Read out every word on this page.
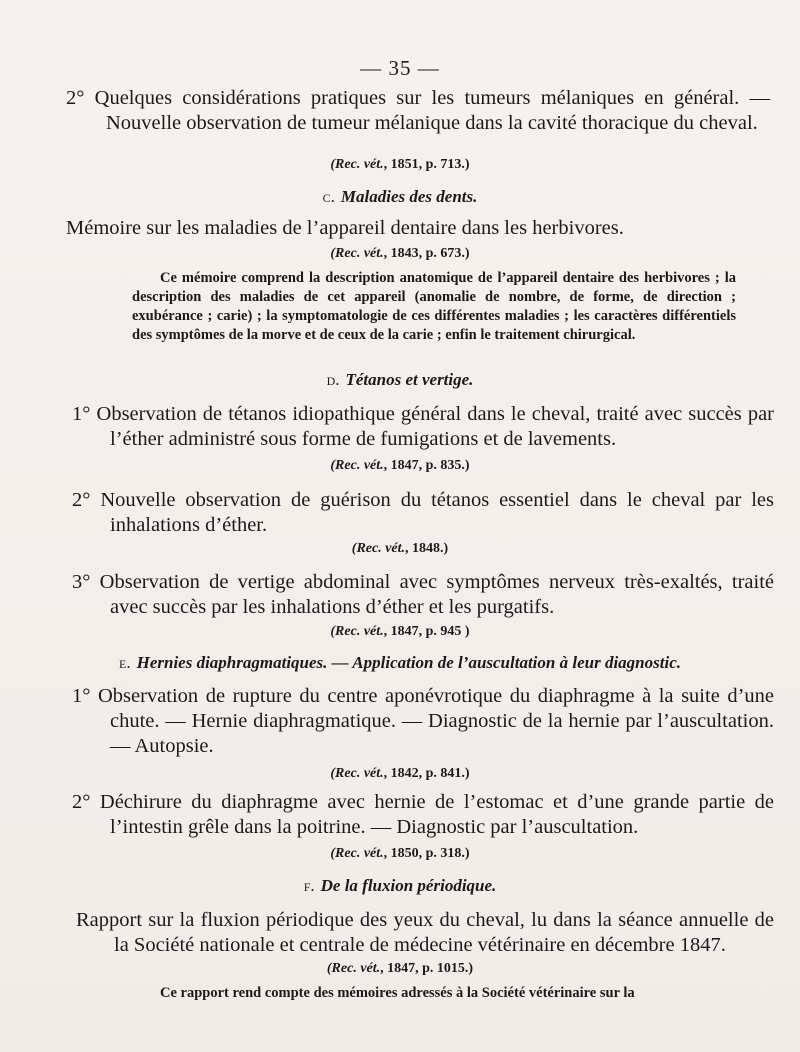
— 35 —
2° Quelques considérations pratiques sur les tumeurs mélaniques en général. — Nouvelle observation de tumeur mélanique dans la cavité thoracique du cheval.
(Rec. vét., 1851, p. 713.)
c. Maladies des dents.
Mémoire sur les maladies de l’appareil dentaire dans les herbivores.
(Rec. vét., 1843, p. 673.)
Ce mémoire comprend la description anatomique de l’appareil dentaire des herbivores ; la description des maladies de cet appareil (anomalie de nombre, de forme, de direction ; exubérance ; carie) ; la symptomatologie de ces différentes maladies ; les caractères différentiels des symptômes de la morve et de ceux de la carie ; enfin le traitement chirurgical.
d. Tétanos et vertige.
1° Observation de tétanos idiopathique général dans le cheval, traité avec succès par l’éther administré sous forme de fumigations et de lavements.
(Rec. vét., 1847, p. 835.)
2° Nouvelle observation de guérison du tétanos essentiel dans le cheval par les inhalations d’éther.
(Rec. vét., 1848.)
3° Observation de vertige abdominal avec symptômes nerveux très-exaltés, traité avec succès par les inhalations d’éther et les purgatifs.
(Rec. vét., 1847, p. 945 )
e. Hernies diaphragmatiques. — Application de l’auscultation à leur diagnostic.
1° Observation de rupture du centre aponévrotique du diaphragme à la suite d’une chute. — Hernie diaphragmatique. — Diagnostic de la hernie par l’auscultation. — Autopsie.
(Rec. vét., 1842, p. 841.)
2° Déchirure du diaphragme avec hernie de l’estomac et d’une grande partie de l’intestin grêle dans la poitrine. — Diagnostic par l’auscultation.
(Rec. vét., 1850, p. 318.)
f. De la fluxion périodique.
Rapport sur la fluxion périodique des yeux du cheval, lu dans la séance annuelle de la Société nationale et centrale de médecine vétérinaire en décembre 1847.
(Rec. vét., 1847, p. 1015.)
Ce rapport rend compte des mémoires adressés à la Société vétérinaire sur la
